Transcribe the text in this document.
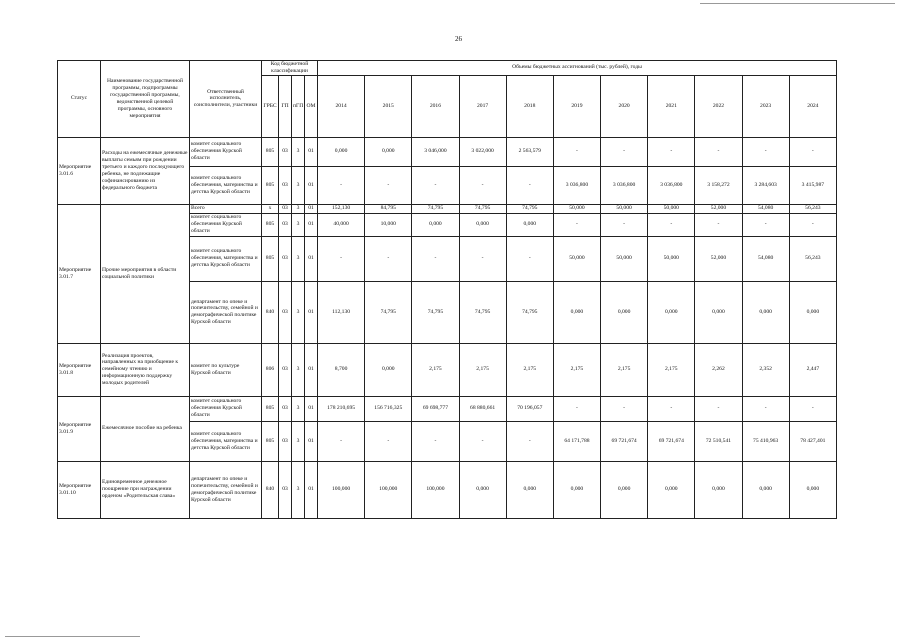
26
Статус	Наименование государственной программы, подпрограммы государственной программы, ведомственной целевой программы, основного мероприятия	Ответственный исполнитель, соисполнители, участники	Код бюджетной классификации				Объемы бюджетных ассигнований (тыс. рублей), годы										
			ГРБС	ГП	пГП	ОМ	2014	2015	2016	2017	2018	2019	2020	2021	2022	2023	2024
Мероприятие 3.01.6	Расходы на ежемесячные денежные выплаты семьям при рождении третьего и каждого последующего ребенка, не подлежащие софинансированию из федерального бюджета	комитет социального обеспечения Курской области	805	03	3	01	0,000	0,000	3 046,000	3 022,000	2 563,579	-	-	-	-	-	-
		комитет социального обеспечения, материнства и детства Курской области	805	03	3	01	-	-	-	-	-	3 036,800	3 036,800	3 036,800	3 158,272	3 284,603	3 415,987
Мероприятие 3.01.7	Прочие мероприятия в области социальной политики	Всего	x	03	3	01	152,130	84,795	74,795	74,795	74,795	50,000	50,000	50,000	52,000	54,080	56,243
		комитет социального обеспечения Курской области	805	03	3	01	40,000	10,000	0,000	0,000	0,000	-	-	-	-	-	-
		комитет социального обеспечения, материнства и детства Курской области	805	03	3	01	-	-	-	-	-	50,000	50,000	50,000	52,000	54,080	56,243
		департамент по опеке и попечительству, семейной и демографической политике Курской области	840	03	3	01	112,130	74,795	74,795	74,795	74,795	0,000	0,000	0,000	0,000	0,000	0,000
Мероприятие 3.01.8	Реализация проектов, направленных на приобщение к семейному чтению и информационную поддержку молодых родителей	комитет по культуре Курской области	806	03	3	01	8,700	0,000	2,175	2,175	2,175	2,175	2,175	2,175	2,262	2,352	2,447
Мероприятие 3.01.9	Ежемесячное пособие на ребенка	комитет социального обеспечения Курской области	805	03	3	01	178 210,695	156 716,325	69 698,777	68 880,661	70 196,057	-	-	-	-	-	-
		комитет социального обеспечения, материнства и детства Курской области	805	03	3	01	-	-	-	-	-	64 171,788	69 721,674	69 721,674	72 510,541	75 410,963	78 427,401
Мероприятие 3.01.10	Единовременное денежное поощрение при награждении орденом «Родительская слава»	департамент по опеке и попечительству, семейной и демографической политике Курской области	840	03	3	01	100,000	100,000	100,000	0,000	0,000	0,000	0,000	0,000	0,000	0,000	0,000
